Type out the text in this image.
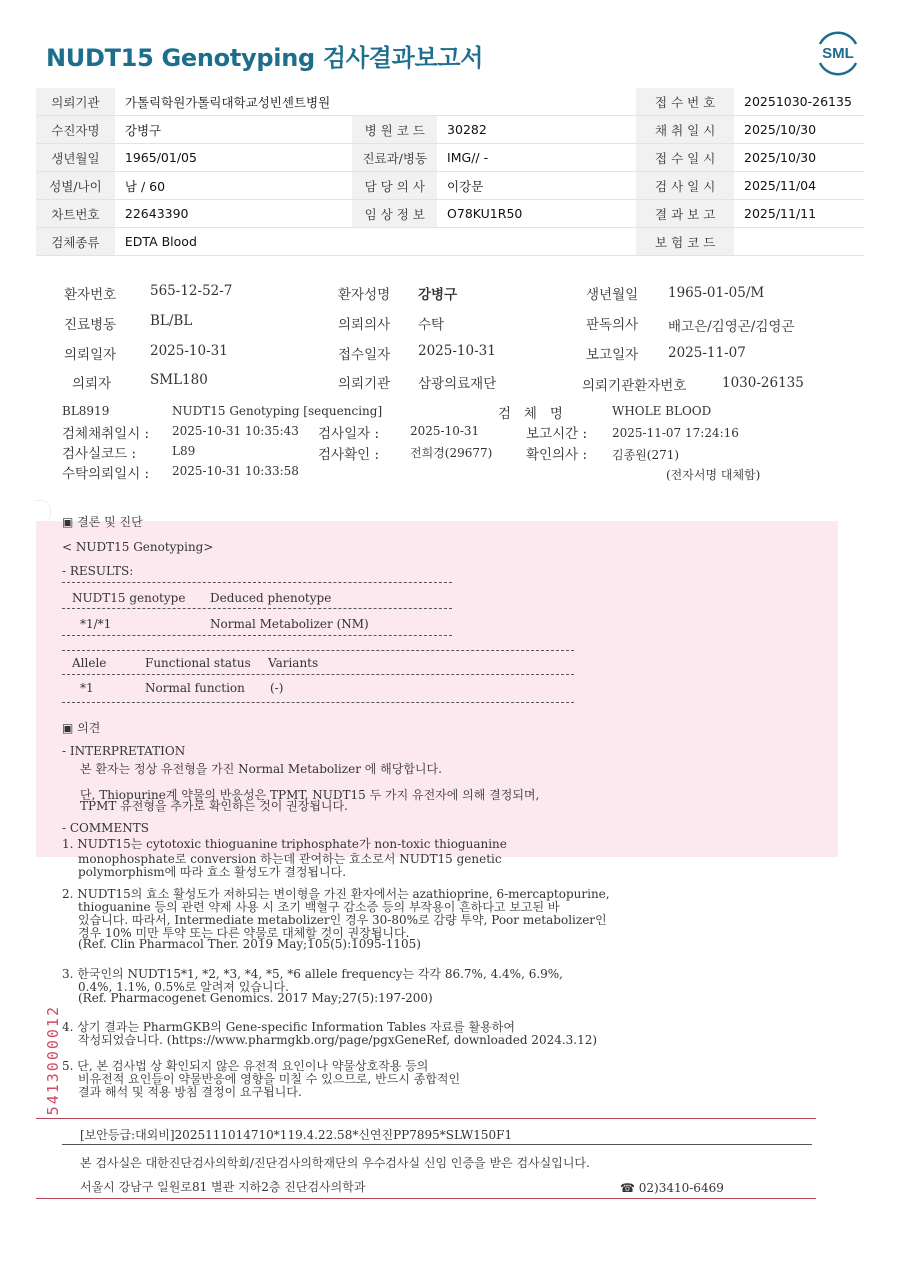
NUDT15 Genotyping 검사결과보고서	SML
의뢰기관	가톨릭학원가톨릭대학교성빈센트병원			접 수 번 호	20251030-26135
수진자명	강병구	병 원 코 드	30282	채 취 일 시	2025/10/30
생년월일	1965/01/05	진료과/병동	IMG// -	접 수 일 시	2025/10/30
성별/나이	남 / 60	담 당 의 사	이강문	검 사 일 시	2025/11/04
차트번호	22643390	임 상 정 보	O78KU1R50	결 과 보 고	2025/11/11
검체종류	EDTA Blood			보 험 코 드	
환자번호	565-12-52-7	환자성명 강병구	생년월일 1965-01-05/M
진료병동	BL/BL	의뢰의사 수탁	판독의사 배고은/김영곤/김영곤
의뢰일자	2025-10-31	접수일자 2025-10-31	보고일자 2025-11-07
의뢰자	SML180	의뢰기관 삼광의료재단	의뢰기관환자번호	1030-26135
BL8919	NUDT15 Genotyping [sequencing]	검   체   명	WHOLE BLOOD
검체채취일시 : 2025-10-31 10:35:43 검사일자 :	2025-10-31	보고시간 : 2025-11-07 17:24:16
검사실코드 :	L89	검사확인 :	전희경(29677) 확인의사 : 김종원(271)
수탁의뢰일시 : 2025-10-31 10:33:58	(전자서명 대체함)
▣ 결론 및 진단
< NUDT15 Genotyping>
- RESULTS:
NUDT15 genotype Deduced phenotype
*1/*1	Normal Metabolizer (NM)
Allele	Functional status Variants
*1	Normal function (-)
▣ 의견
- INTERPRETATION
본 환자는 정상 유전형을 가진 Normal Metabolizer 에 해당합니다.
단, Thiopurine계 약물의 반응성은 TPMT, NUDT15 두 가지 유전자에 의해 결정되며,
TPMT 유전형을 추가로 확인하는 것이 권장됩니다.
- COMMENTS
1. NUDT15는 cytotoxic thioguanine triphosphate가 non-toxic thioguanine
monophosphate로 conversion 하는데 관여하는 효소로서 NUDT15 genetic
polymorphism에 따라 효소 활성도가 결정됩니다.
2. NUDT15의 효소 활성도가 저하되는 변이형을 가진 환자에서는 azathioprine, 6-mercaptopurine,
thioguanine 등의 관련 약제 사용 시 조기 백혈구 감소증 등의 부작용이 흔하다고 보고된 바
있습니다. 따라서, Intermediate metabolizer인 경우 30-80%로 감량 투약, Poor metabolizer인
경우 10% 미만 투약 또는 다른 약물로 대체할 것이 권장됩니다.
(Ref. Clin Pharmacol Ther. 2019 May;105(5):1095-1105)
3. 한국인의 NUDT15*1, *2, *3, *4, *5, *6 allele frequency는 각각 86.7%, 4.4%, 6.9%,
0.4%, 1.1%, 0.5%로 알려져 있습니다.
(Ref. Pharmacogenet Genomics. 2017 May;27(5):197-200)
4. 상기 결과는 PharmGKB의 Gene-specific Information Tables 자료를 활용하여
작성되었습니다. (https://www.pharmgkb.org/page/pgxGeneRef, downloaded 2024.3.12)
5. 단, 본 검사법 상 확인되지 않은 유전적 요인이나 약물상호작용 등의
비유전적 요인들이 약물반응에 영향을 미칠 수 있으므로, 반드시 종합적인
결과 해석 및 적용 방침 결정이 요구됩니다.
5413000012
[보안등급:대외비]2025111014710*119.4.22.58*신연진PP7895*SLW150F1
본 검사실은 대한진단검사의학회/진단검사의학재단의 우수검사실 신임 인증을 받은 검사실입니다.
서울시 강남구 일원로81 별관 지하2층 진단검사의학과	☎ 02)3410-6469
